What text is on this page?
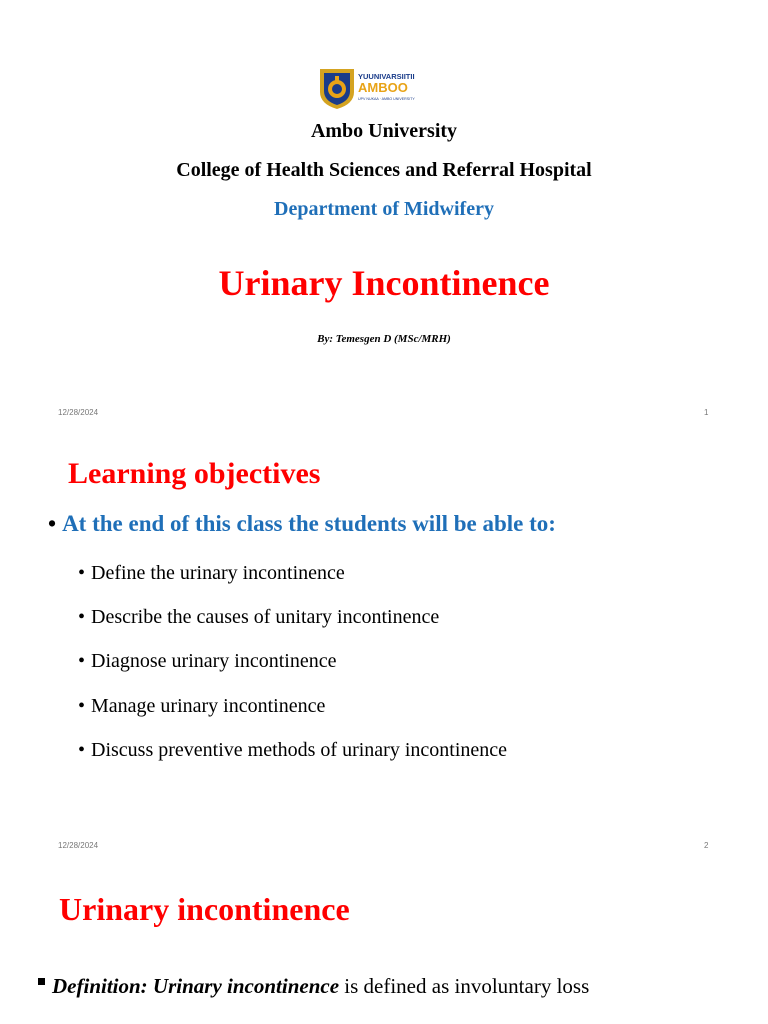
YUUNIVARSIITII
AMBOO
UPV NUKAA · AMBO UNIVERSITY
Ambo University
College of Health Sciences and Referral Hospital
Department of Midwifery
Urinary Incontinence
By: Temesgen D (MSc/MRH)
12/28/2024	1
Learning objectives
• At the end of this class the students will be able to:
• Define the urinary incontinence
• Describe the causes of unitary incontinence
• Diagnose urinary incontinence
• Manage urinary incontinence
• Discuss preventive methods of urinary incontinence
12/28/2024	2
Urinary incontinence
Definition: Urinary incontinence is defined as involuntary loss
